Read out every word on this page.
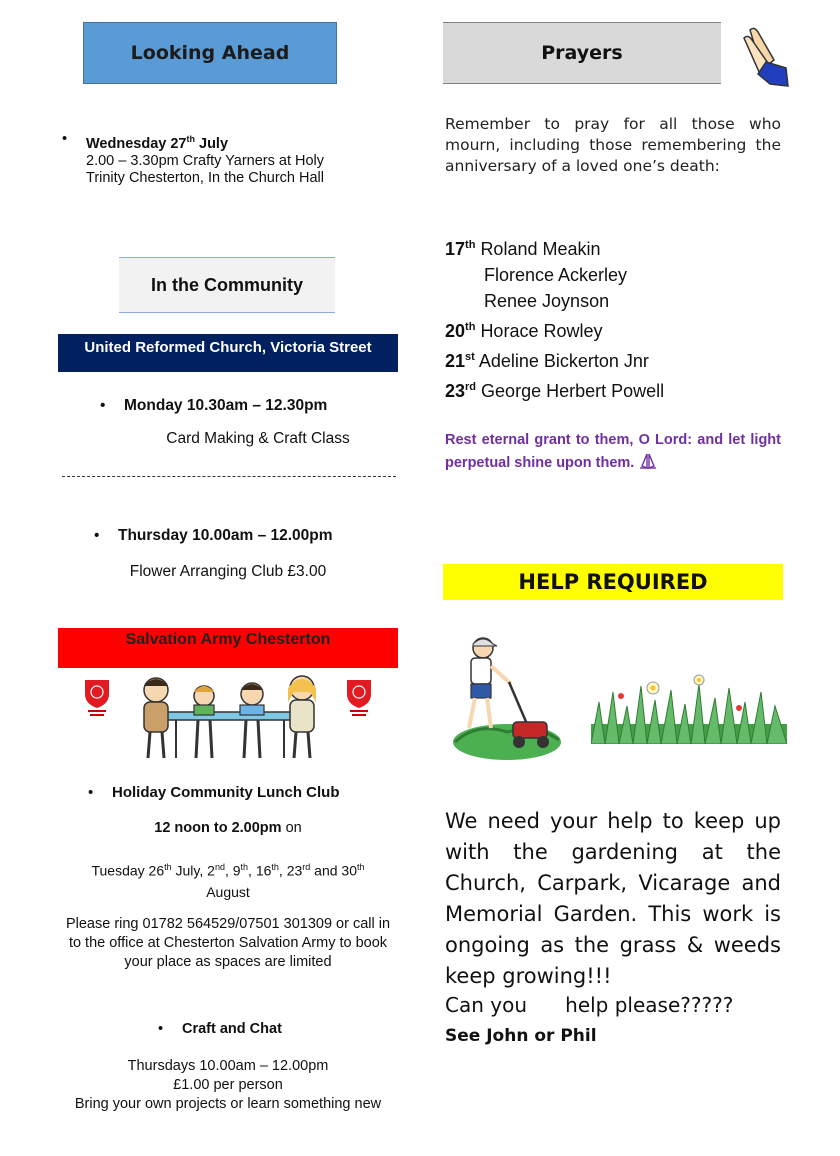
Looking Ahead
• Wednesday 27th July
2.00 – 3.30pm Crafty Yarners at Holy
Trinity Chesterton, In the Church Hall
In the Community
United Reformed Church, Victoria Street
• Monday 10.30am – 12.30pm
Card Making & Craft Class
• Thursday 10.00am – 12.00pm
Flower Arranging Club £3.00
Salvation Army Chesterton
• Holiday Community Lunch Club
12 noon to 2.00pm on
Tuesday 26th July, 2nd, 9th, 16th, 23rd and 30th
August
Please ring 01782 564529/07501 301309 or call in to the office at Chesterton Salvation Army to book your place as spaces are limited
• Craft and Chat
Thursdays 10.00am – 12.00pm
£1.00 per person
Bring your own projects or learn something new
Prayers
Remember to pray for all those who mourn, including those remembering the anniversary of a loved one’s death:
17th Roland Meakin
Florence Ackerley
Renee Joynson
20th Horace Rowley
21st Adeline Bickerton Jnr
23rd George Herbert Powell
Rest eternal grant to them, O Lord: and let light perpetual shine upon them.
HELP REQUIRED
We need your help to keep up with the gardening at the Church, Carpark, Vicarage and Memorial Garden. This work is ongoing as the grass & weeds keep growing!!!
Can you      help please?????
See John or Phil
